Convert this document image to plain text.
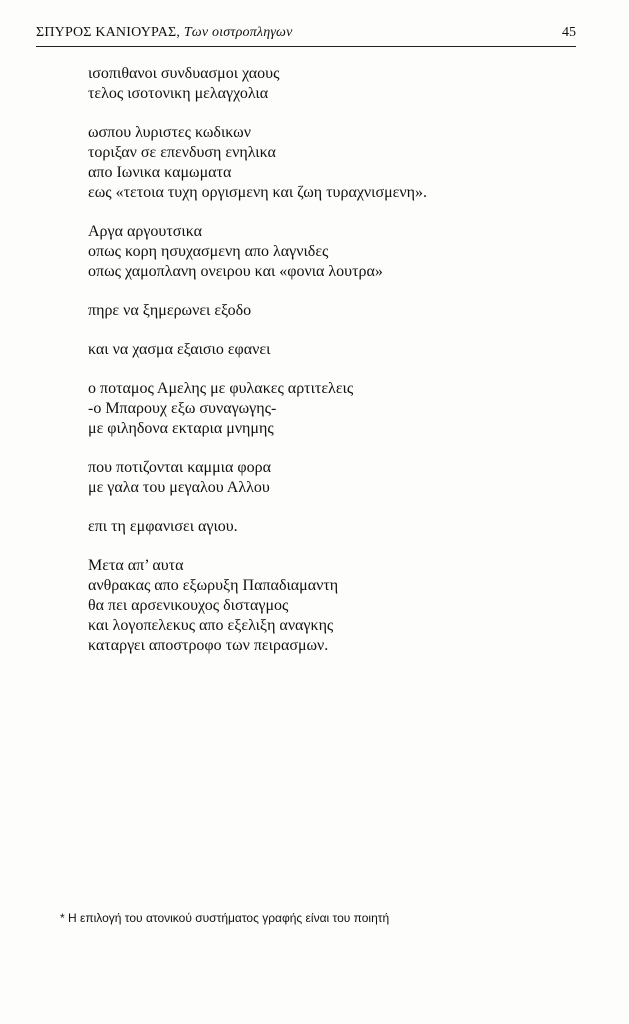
ΣΠΥΡΟΣ ΚΑΝΙΟΥΡΑΣ, Των οιστροπληγων	45
ισοπιθανοι συνδυασμοι χαους
τελος ισοτονικη μελαγχολια
ωσπου λυριστες κωδικων
τοριξαν σε επενδυση ενηλικα
απο Ιωνικα καμωματα
εως «τετοια τυχη οργισμενη και ζωη τυραχνισμενη».
Αργα αργουτσικα
οπως κορη ησυχασμενη απο λαγνιδες
οπως χαμοπλανη ονειρου και «φονια λουτρα»
πηρε να ξημερωνει εξοδο
και να χασμα εξαισιο εφανει
ο ποταμος Αμελης με φυλακες αρτιτελεις
-ο Μπαρουχ εξω συναγωγης-
με φιληδονα εκταρια μνημης
που ποτιζονται καμμια φορα
με γαλα του μεγαλου Αλλου
επι τη εμφανισει αγιου.
Μετα απ’ αυτα
ανθρακας απο εξωρυξη Παπαδιαμαντη
θα πει αρσενικουχος δισταγμος
και λογοπελεκυς απο εξελιξη αναγκης
καταργει αποστροφο των πειρασμων.
* Η επιλογή του ατονικού συστήματος γραφής είναι του ποιητή
